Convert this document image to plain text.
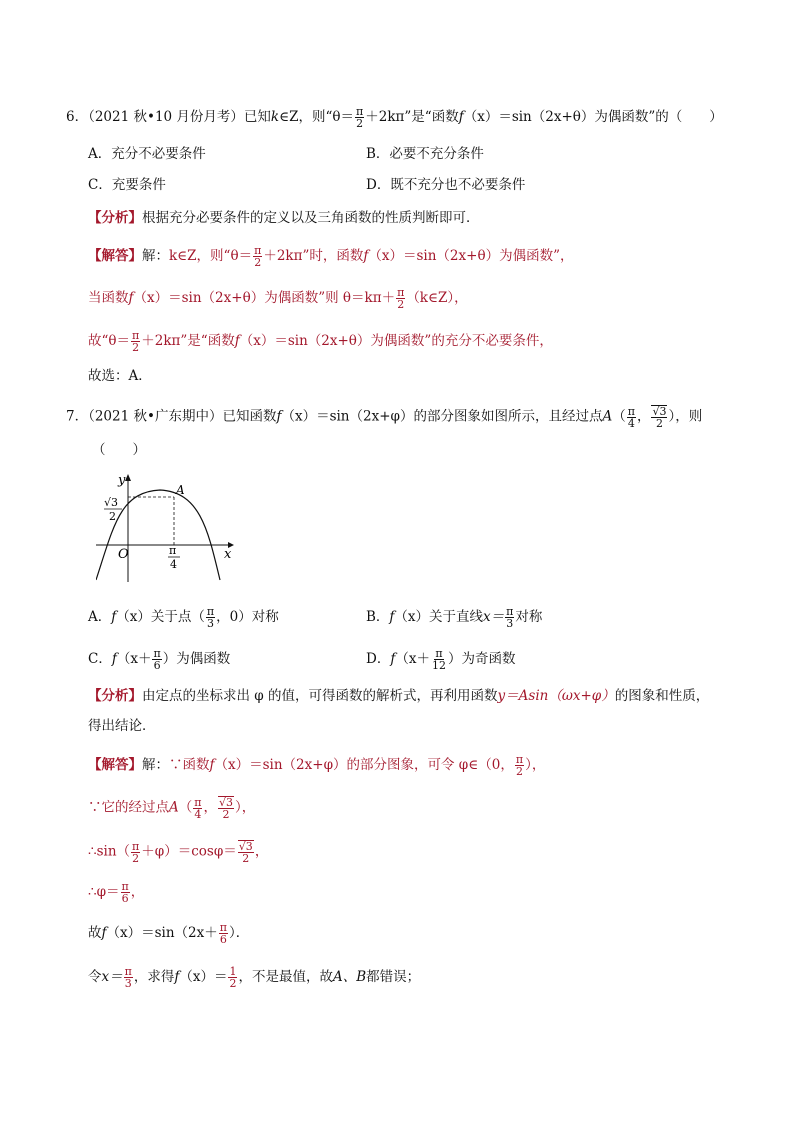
6．（2021 秋•10 月份月考）已知k∈Z，则“$\theta= \frac{\pi}{2} +2k\pi$”是“函数f（x）＝sin（2x+θ）为偶函数”的（　　）
A．充分不必要条件	B．必要不充分条件
C．充要条件	D．既不充分也不必要条件
【分析】根据充分必要条件的定义以及三角函数的性质判断即可．
【解答】解：k∈Z，则“$\theta= \frac{\pi}{2} +2k\pi$”时，函数f（x）＝sin（2x+θ）为偶函数”，
当函数f（x）＝sin（2x+θ）为偶函数”则 $\theta=k\pi+ \frac{\pi}{2}$ （k∈Z），
故“$\theta= \frac{\pi}{2} +2k\pi$”是“函数f（x）＝sin（2x+θ）为偶函数”的充分不必要条件，
故选：A．
7．（2021 秋•广东期中）已知函数f（x）＝sin（2x+φ）的部分图象如图所示，且经过点$A( \frac{\pi}{4}$ ， $\frac{√3}{2}$ ），则
（　　）
y
x
O
A
√3
2
π
4
A．f（x）关于点（ $\frac{\pi}{3}$ ，0）对称	B．f（x）关于直线$x= \frac{\pi}{3}$ 对称
C．$f(x+ \frac{\pi}{6}$ ）为偶函数	D．$f(x+ \frac{\pi}{12}$ ）为奇函数
【分析】由定点的坐标求出 φ 的值，可得函数的解析式，再利用函数y＝Asin（ωx+φ）的图象和性质，
得出结论．
【解答】解：∵函数f（x）＝sin（2x+φ）的部分图象，可令 φ∈（0， $\frac{\pi}{2}$ ），
∵它的经过点$A( \frac{\pi}{4}$ ， $\frac{√3}{2}$ ），
∴sin（ $\frac{\pi}{2} +\varphi)=\cos\varphi= \frac{√3}{2}$ ，
∴φ＝ $\frac{\pi}{6}$ ，
故$f(x)=\sin(2x+ \frac{\pi}{6}$ ）．
令$x= \frac{\pi}{3}$ ，求得$f(x)= \frac{1}{2}$ ，不是最值，故A、B都错误；
